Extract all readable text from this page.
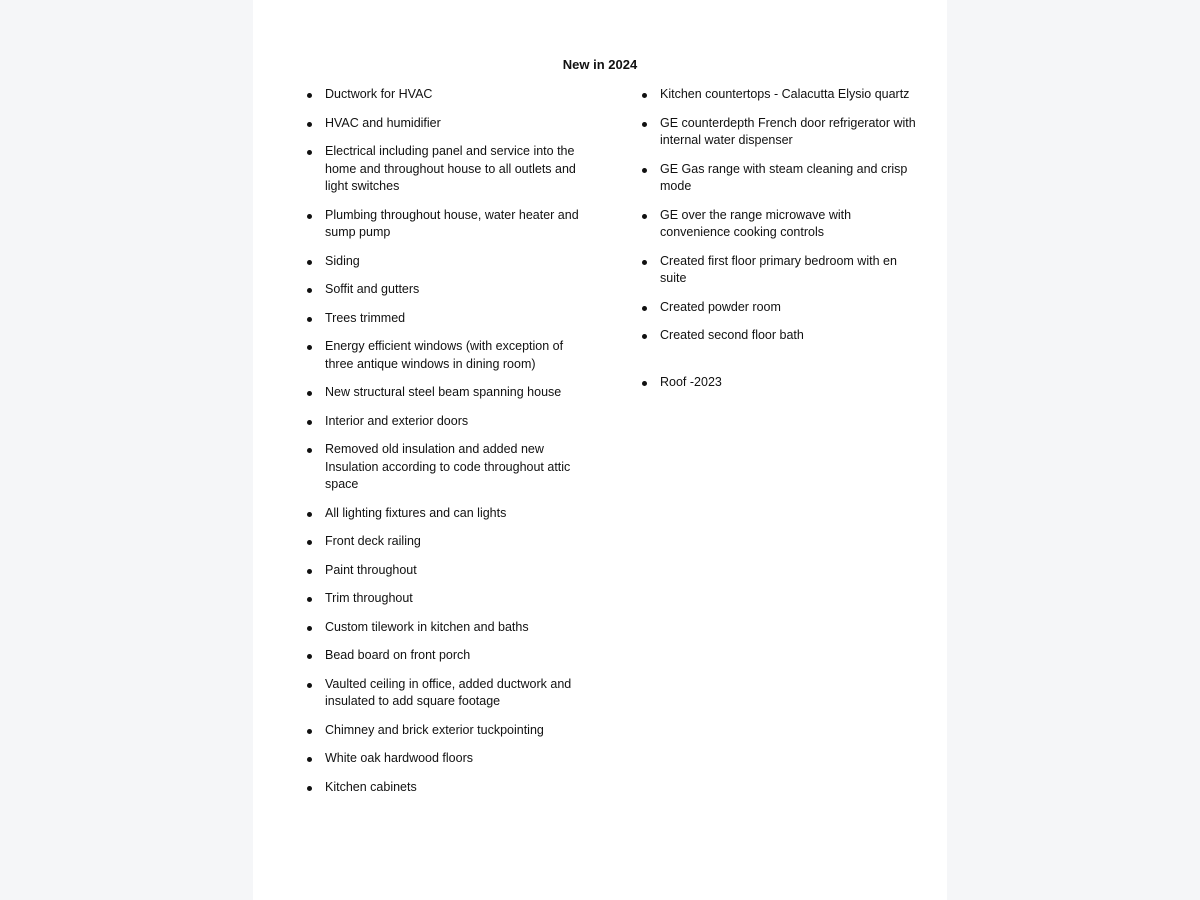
New in 2024
Ductwork for HVAC
HVAC and humidifier
Electrical including panel and service into the home and throughout house to all outlets and light switches
Plumbing throughout house, water heater and sump pump
Siding
Soffit and gutters
Trees trimmed
Energy efficient windows (with exception of three antique windows in dining room)
New structural steel beam spanning house
Interior and exterior doors
Removed old insulation and added new Insulation according to code throughout attic space
All lighting fixtures and can lights
Front deck railing
Paint throughout
Trim throughout
Custom tilework in kitchen and baths
Bead board on front porch
Vaulted ceiling in office, added ductwork and insulated to add square footage
Chimney and brick exterior tuckpointing
White oak hardwood floors
Kitchen cabinets
Kitchen countertops - Calacutta Elysio quartz
GE counterdepth French door refrigerator with internal water dispenser
GE Gas range with steam cleaning and crisp mode
GE over the range microwave with convenience cooking controls
Created first floor primary bedroom with en suite
Created powder room
Created second floor bath
Roof -2023
